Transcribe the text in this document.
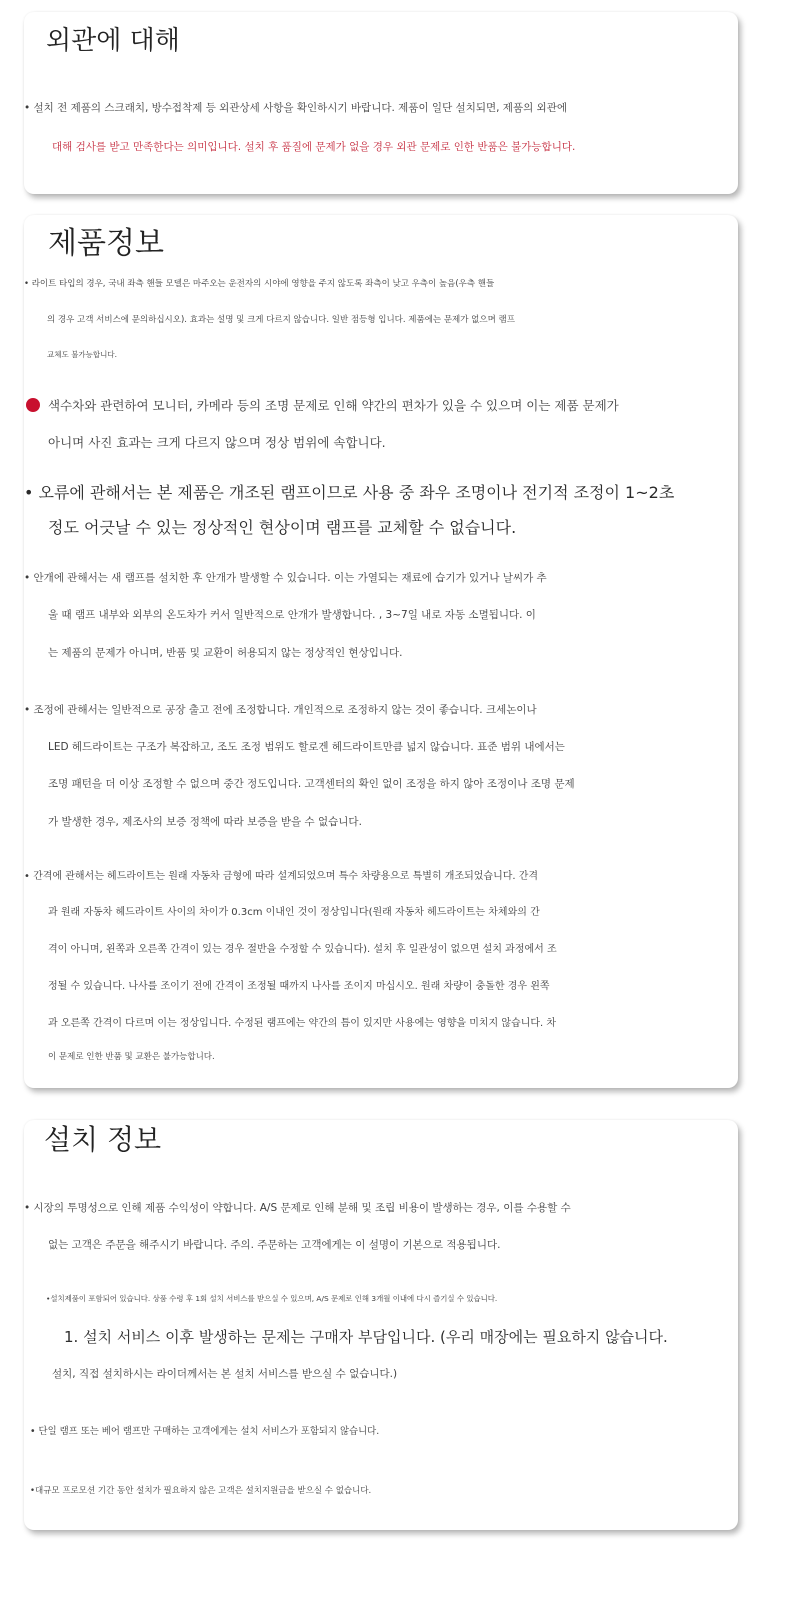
외관에 대해

• 설치 전 제품의 스크래치, 방수접착제 등 외관상세 사항을 확인하시기 바랍니다. 제품이 일단 설치되면, 제품의 외관에

대해 검사를 받고 만족한다는 의미입니다. 설치 후 품질에 문제가 없을 경우 외관 문제로 인한 반품은 불가능합니다.

제품정보

• 라이트 타입의 경우, 국내 좌측 핸들 모델은 마주오는 운전자의 시야에 영향을 주지 않도록 좌측이 낮고 우측이 높음(우측 핸들

의 경우 고객 서비스에 문의하십시오). 효과는 설명 및 크게 다르지 않습니다. 일반 점등형 입니다. 제품에는 문제가 없으며 램프

교체도 불가능합니다.

색수차와 관련하여 모니터, 카메라 등의 조명 문제로 인해 약간의 편차가 있을 수 있으며 이는 제품 문제가

아니며 사진 효과는 크게 다르지 않으며 정상 범위에 속합니다.

• 오류에 관해서는 본 제품은 개조된 램프이므로 사용 중 좌우 조명이나 전기적 조정이 1~2초

정도 어긋날 수 있는 정상적인 현상이며 램프를 교체할 수 없습니다.

• 안개에 관해서는 새 램프를 설치한 후 안개가 발생할 수 있습니다. 이는 가열되는 재료에 습기가 있거나 날씨가 추

울 때 램프 내부와 외부의 온도차가 커서 일반적으로 안개가 발생합니다. , 3~7일 내로 자동 소멸됩니다. 이

는 제품의 문제가 아니며, 반품 및 교환이 허용되지 않는 정상적인 현상입니다.

• 조정에 관해서는 일반적으로 공장 출고 전에 조정합니다. 개인적으로 조정하지 않는 것이 좋습니다. 크세논이나

LED 헤드라이트는 구조가 복잡하고, 조도 조정 범위도 할로겐 헤드라이트만큼 넓지 않습니다. 표준 범위 내에서는

조명 패턴을 더 이상 조정할 수 없으며 중간 정도입니다. 고객센터의 확인 없이 조정을 하지 않아 조정이나 조명 문제

가 발생한 경우, 제조사의 보증 정책에 따라 보증을 받을 수 없습니다.

• 간격에 관해서는 헤드라이트는 원래 자동차 금형에 따라 설계되었으며 특수 차량용으로 특별히 개조되었습니다. 간격

과 원래 자동차 헤드라이트 사이의 차이가 0.3cm 이내인 것이 정상입니다(원래 자동차 헤드라이트는 차체와의 간

격이 아니며, 왼쪽과 오른쪽 간격이 있는 경우 절반을 수정할 수 있습니다). 설치 후 일관성이 없으면 설치 과정에서 조

정될 수 있습니다. 나사를 조이기 전에 간격이 조정될 때까지 나사를 조이지 마십시오. 원래 차량이 충돌한 경우 왼쪽

과 오른쪽 간격이 다르며 이는 정상입니다. 수정된 램프에는 약간의 틈이 있지만 사용에는 영향을 미치지 않습니다. 차

이 문제로 인한 반품 및 교환은 불가능합니다.

설치 정보

• 시장의 투명성으로 인해 제품 수익성이 약합니다. A/S 문제로 인해 분해 및 조립 비용이 발생하는 경우, 이를 수용할 수

없는 고객은 주문을 해주시기 바랍니다. 주의. 주문하는 고객에게는 이 설명이 기본으로 적용됩니다.

•설치제품이 포함되어 있습니다. 상품 수령 후 1회 설치 서비스를 받으실 수 있으며, A/S 문제로 인해 3개월 이내에 다시 즐기실 수 있습니다.

1. 설치 서비스 이후 발생하는 문제는 구매자 부담입니다. (우리 매장에는 필요하지 않습니다.

설치, 직접 설치하시는 라이더께서는 본 설치 서비스를 받으실 수 없습니다.)

• 단일 램프 또는 베어 램프만 구매하는 고객에게는 설치 서비스가 포함되지 않습니다.

•대규모 프로모션 기간 동안 설치가 필요하지 않은 고객은 설치지원금을 받으실 수 없습니다.
